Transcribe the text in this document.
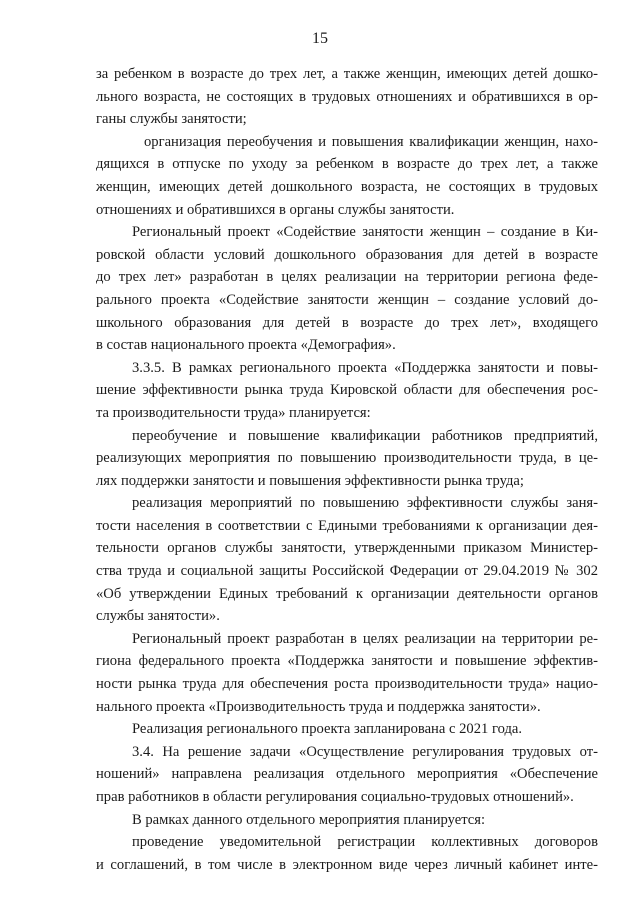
15
за ребенком в возрасте до трех лет, а также женщин, имеющих детей дошко-
льного возраста, не состоящих в трудовых отношениях и обратившихся в ор-
ганы службы занятости;
организация переобучения и повышения квалификации женщин, нахо-
дящихся в отпуске по уходу за ребенком в возрасте до трех лет, а также
женщин, имеющих детей дошкольного возраста, не состоящих в трудовых
отношениях и обратившихся в органы службы занятости.
Региональный проект «Содействие занятости женщин – создание в Ки-
ровской области условий дошкольного образования для детей в возрасте
до трех лет» разработан в целях реализации на территории региона феде-
рального проекта «Содействие занятости женщин – создание условий до-
школьного образования для детей в возрасте до трех лет», входящего
в состав национального проекта «Демография».
3.3.5. В рамках регионального проекта «Поддержка занятости и повы-
шение эффективности рынка труда Кировской области для обеспечения рос-
та производительности труда» планируется:
переобучение и повышение квалификации работников предприятий,
реализующих мероприятия по повышению производительности труда, в це-
лях поддержки занятости и повышения эффективности рынка труда;
реализация мероприятий по повышению эффективности службы заня-
тости населения в соответствии с Едиными требованиями к организации дея-
тельности органов службы занятости, утвержденными приказом Министер-
ства труда и социальной защиты Российской Федерации от 29.04.2019 № 302
«Об утверждении Единых требований к организации деятельности органов
службы занятости».
Региональный проект разработан в целях реализации на территории ре-
гиона федерального проекта «Поддержка занятости и повышение эффектив-
ности рынка труда для обеспечения роста производительности труда» нацио-
нального проекта «Производительность труда и поддержка занятости».
Реализация регионального проекта запланирована с 2021 года.
3.4. На решение задачи «Осуществление регулирования трудовых от-
ношений» направлена реализация отдельного мероприятия «Обеспечение
прав работников в области регулирования социально-трудовых отношений».
В рамках данного отдельного мероприятия планируется:
проведение уведомительной регистрации коллективных договоров
и соглашений, в том числе в электронном виде через личный кабинет инте-
